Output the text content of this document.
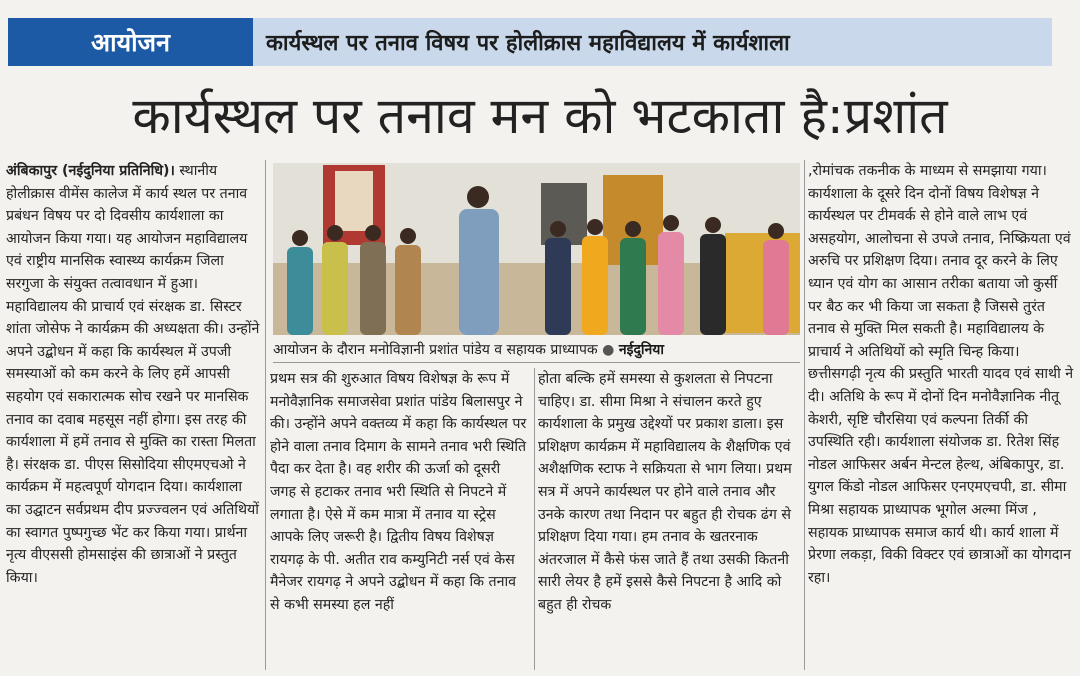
आयोजन	कार्यस्थल पर तनाव विषय पर होलीक्रास महाविद्यालय में कार्यशाला
कार्यस्थल पर तनाव मन को भटकाता है:प्रशांत

अंबिकापुर (नईदुनिया प्रतिनिधि)। स्थानीय होलीक्रास वीमेंस कालेज में कार्य स्थल पर तनाव प्रबंधन विषय पर दो दिवसीय कार्यशाला का आयोजन किया गया। यह आयोजन महाविद्यालय एवं राष्ट्रीय मानसिक स्वास्थ्य कार्यक्रम जिला सरगुजा के संयुक्त तत्वावधान में हुआ। महाविद्यालय की प्राचार्य एवं संरक्षक डा. सिस्टर शांता जोसेफ ने कार्यक्रम की अध्यक्षता की। उन्होंने अपने उद्बोधन में कहा कि कार्यस्थल में उपजी समस्याओं को कम करने के लिए हमें आपसी सहयोग एवं सकारात्मक सोच रखने पर मानसिक तनाव का दवाब महसूस नहीं होगा। इस तरह की कार्यशाला में हमें तनाव से मुक्ति का रास्ता मिलता है। संरक्षक डा. पीएस सिसोदिया सीएमएचओ ने कार्यक्रम में महत्वपूर्ण योगदान दिया। कार्यशाला का उद्घाटन सर्वप्रथम दीप प्रज्ज्वलन एवं अतिथियों का स्वागत पुष्पगुच्छ भेंट कर किया गया। प्रार्थना नृत्य वीएससी होमसाइंस की छात्राओं ने प्रस्तुत किया।

आयोजन के दौरान मनोविज्ञानी प्रशांत पांडेय व सहायक प्राध्यापक ● नईदुनिया

प्रथम सत्र की शुरुआत विषय विशेषज्ञ के रूप में मनोवैज्ञानिक समाजसेवा प्रशांत पांडेय बिलासपुर ने की। उन्होंने अपने वक्तव्य में कहा कि कार्यस्थल पर होने वाला तनाव दिमाग के सामने तनाव भरी स्थिति पैदा कर देता है। वह शरीर की ऊर्जा को दूसरी जगह से हटाकर तनाव भरी स्थिति से निपटने में लगाता है। ऐसे में कम मात्रा में तनाव या स्ट्रेस आपके लिए जरूरी है। द्वितीय विषय विशेषज्ञ रायगढ़ के पी. अतीत राव कम्युनिटी नर्स एवं केस मैनेजर रायगढ़ ने अपने उद्बोधन में कहा कि तनाव से कभी समस्या हल नहीं

होता बल्कि हमें समस्या से कुशलता से निपटना चाहिए। डा. सीमा मिश्रा ने संचालन करते हुए कार्यशाला के प्रमुख उद्देश्यों पर प्रकाश डाला। इस प्रशिक्षण कार्यक्रम में महाविद्यालय के शैक्षणिक एवं अशैक्षणिक स्टाफ ने सक्रियता से भाग लिया। प्रथम सत्र में अपने कार्यस्थल पर होने वाले तनाव और उनके कारण तथा निदान पर बहुत ही रोचक ढंग से प्रशिक्षण दिया गया। हम तनाव के खतरनाक अंतरजाल में कैसे फंस जाते हैं तथा उसकी कितनी सारी लेयर है हमें इससे कैसे निपटना है आदि को बहुत ही रोचक

,रोमांचक तकनीक के माध्यम से समझाया गया। कार्यशाला के दूसरे दिन दोनों विषय विशेषज्ञ ने कार्यस्थल पर टीमवर्क से होने वाले लाभ एवं असहयोग, आलोचना से उपजे तनाव, निष्क्रियता एवं अरुचि पर प्रशिक्षण दिया। तनाव दूर करने के लिए ध्यान एवं योग का आसान तरीका बताया जो कुर्सी पर बैठ कर भी किया जा सकता है जिससे तुरंत तनाव से मुक्ति मिल सकती है। महाविद्यालय के प्राचार्य ने अतिथियों को स्मृति चिन्ह किया। छत्तीसगढ़ी नृत्य की प्रस्तुति भारती यादव एवं साथी ने दी। अतिथि के रूप में दोनों दिन मनोवैज्ञानिक नीतू केशरी, सृष्टि चौरसिया एवं कल्पना तिर्की की उपस्थिति रही। कार्यशाला संयोजक डा. रितेश सिंह नोडल आफिसर अर्बन मेन्टल हेल्थ, अंबिकापुर, डा. युगल किंडो नोडल आफिसर एनएमएचपी, डा. सीमा मिश्रा सहायक प्राध्यापक भूगोल अल्मा मिंज , सहायक प्राध्यापक समाज कार्य थी। कार्य शाला में प्रेरणा लकड़ा, विकी विक्टर एवं छात्राओं का योगदान रहा।
